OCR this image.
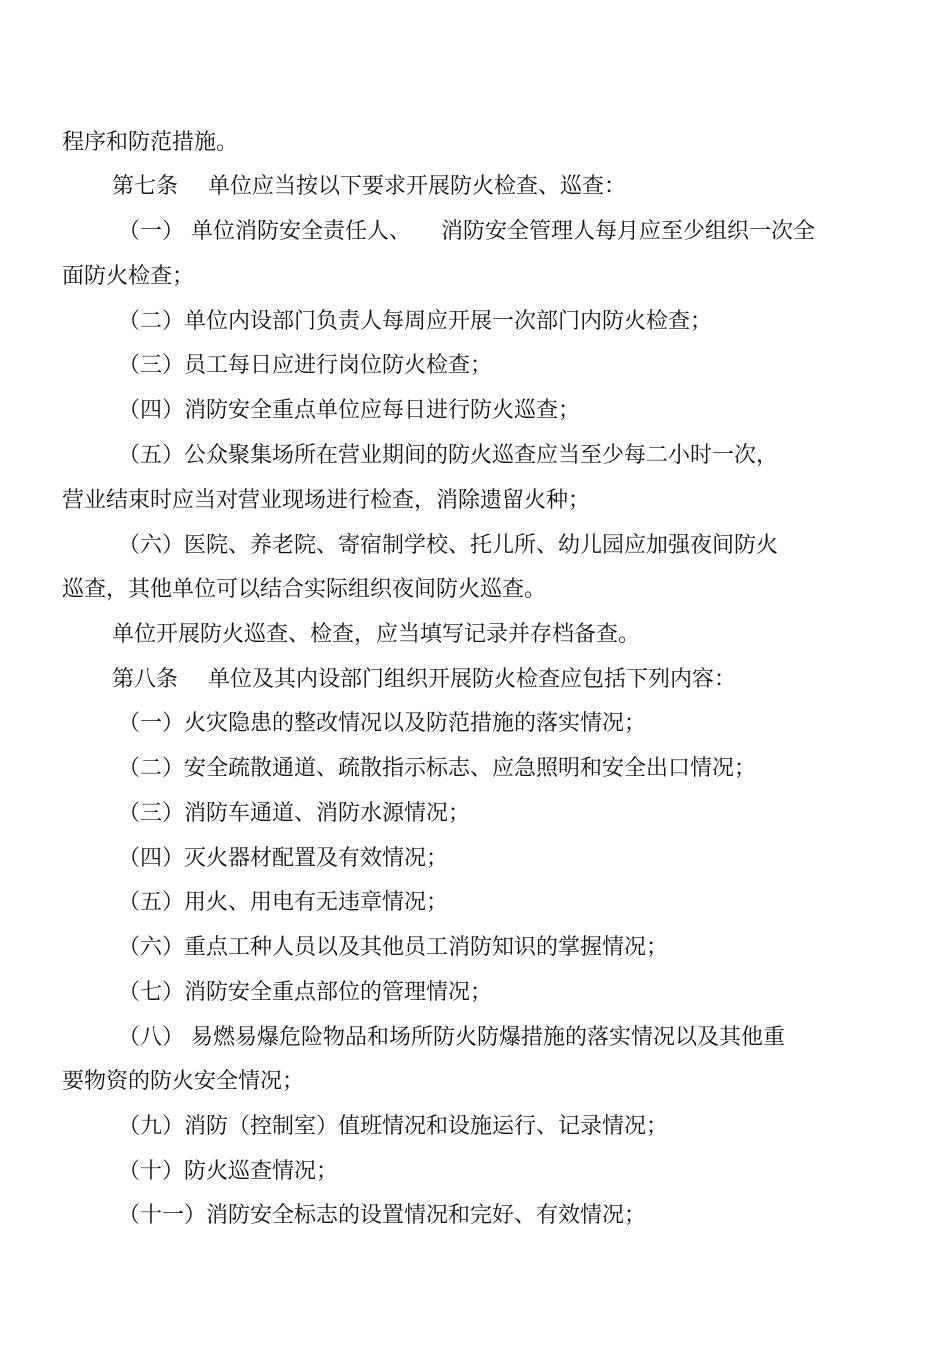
程序和防范措施。
第七条 单位应当按以下要求开展防火检查、巡查：
（一） 单位消防安全责任人、 消防安全管理人每月应至少组织一次全
面防火检查；
（二）单位内设部门负责人每周应开展一次部门内防火检查；
（三）员工每日应进行岗位防火检查；
（四）消防安全重点单位应每日进行防火巡查；
（五）公众聚集场所在营业期间的防火巡查应当至少每二小时一次，
营业结束时应当对营业现场进行检查，消除遗留火种；
（六）医院、养老院、寄宿制学校、托儿所、幼儿园应加强夜间防火
巡查，其他单位可以结合实际组织夜间防火巡查。
单位开展防火巡查、检查，应当填写记录并存档备查。
第八条 单位及其内设部门组织开展防火检查应包括下列内容：
（一）火灾隐患的整改情况以及防范措施的落实情况；
（二）安全疏散通道、疏散指示标志、应急照明和安全出口情况；
（三）消防车通道、消防水源情况；
（四）灭火器材配置及有效情况；
（五）用火、用电有无违章情况；
（六）重点工种人员以及其他员工消防知识的掌握情况；
（七）消防安全重点部位的管理情况；
（八） 易燃易爆危险物品和场所防火防爆措施的落实情况以及其他重
要物资的防火安全情况；
（九）消防（控制室）值班情况和设施运行、记录情况；
（十）防火巡查情况；
（十一）消防安全标志的设置情况和完好、有效情况；
